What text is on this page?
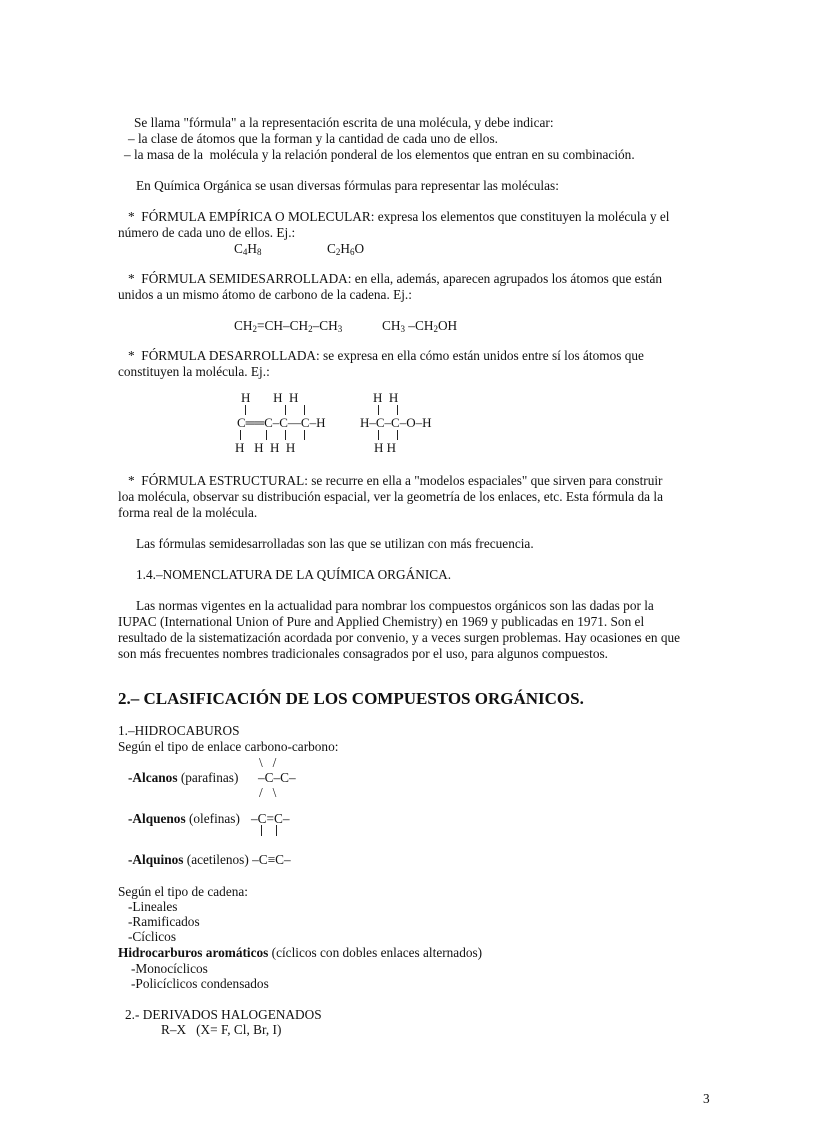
Se llama "fórmula" a la representación escrita de una molécula, y debe indicar:
– la clase de átomos que la forman y la cantidad de cada uno de ellos.
– la masa de la  molécula y la relación ponderal de los elementos que entran en su combinación.
En Química Orgánica se usan diversas fórmulas para representar las moléculas:
*  FÓRMULA EMPÍRICA O MOLECULAR: expresa los elementos que constituyen la molécula y el
número de cada uno de ellos. Ej.:
$C_4H_8$	$C_2H_6O$
*  FÓRMULA SEMIDESARROLLADA: en ella, además, aparecen agrupados los átomos que están
unidos a un mismo átomo de carbono de la cadena. Ej.:
$CH_2=CH-CH_2-CH_3$	$CH_3$ $-CH_2OH$
*  FÓRMULA DESARROLLADA: se expresa en ella cómo están unidos entre sí los átomos que
constituyen la molécula. Ej.:
H       H  H
C══C–C—C–H
H   H  H  H
H  H
H–C–C–O–H
H H
*  FÓRMULA ESTRUCTURAL: se recurre en ella a "modelos espaciales" que sirven para construir
loa molécula, observar su distribución espacial, ver la geometría de los enlaces, etc. Esta fórmula da la
forma real de la molécula.
Las fórmulas semidesarrolladas son las que se utilizan con más frecuencia.
1.4.–NOMENCLATURA DE LA QUÍMICA ORGÁNICA.
Las normas vigentes en la actualidad para nombrar los compuestos orgánicos son las dadas por la
IUPAC (International Union of Pure and Applied Chemistry) en 1969 y publicadas en 1971. Son el
resultado de la sistematización acordada por convenio, y a veces surgen problemas. Hay ocasiones en que
son más frecuentes nombres tradicionales consagrados por el uso, para algunos compuestos.
2.– CLASIFICACIÓN DE LOS COMPUESTOS ORGÁNICOS.
1.–HIDROCABUROS
Según el tipo de enlace carbono-carbono:
\   /
-Alcanos (parafinas) –C–C–
/   \
-Alquenos (olefinas) –C=C–
-Alquinos (acetilenos) –C≡C–
Según el tipo de cadena:
-Lineales
-Ramificados
-Cíclicos
Hidrocarburos aromáticos (cíclicos con dobles enlaces alternados)
-Monocíclicos
-Policíclicos condensados
2.- DERIVADOS HALOGENADOS
R–X   (X= F, Cl, Br, I)
3
